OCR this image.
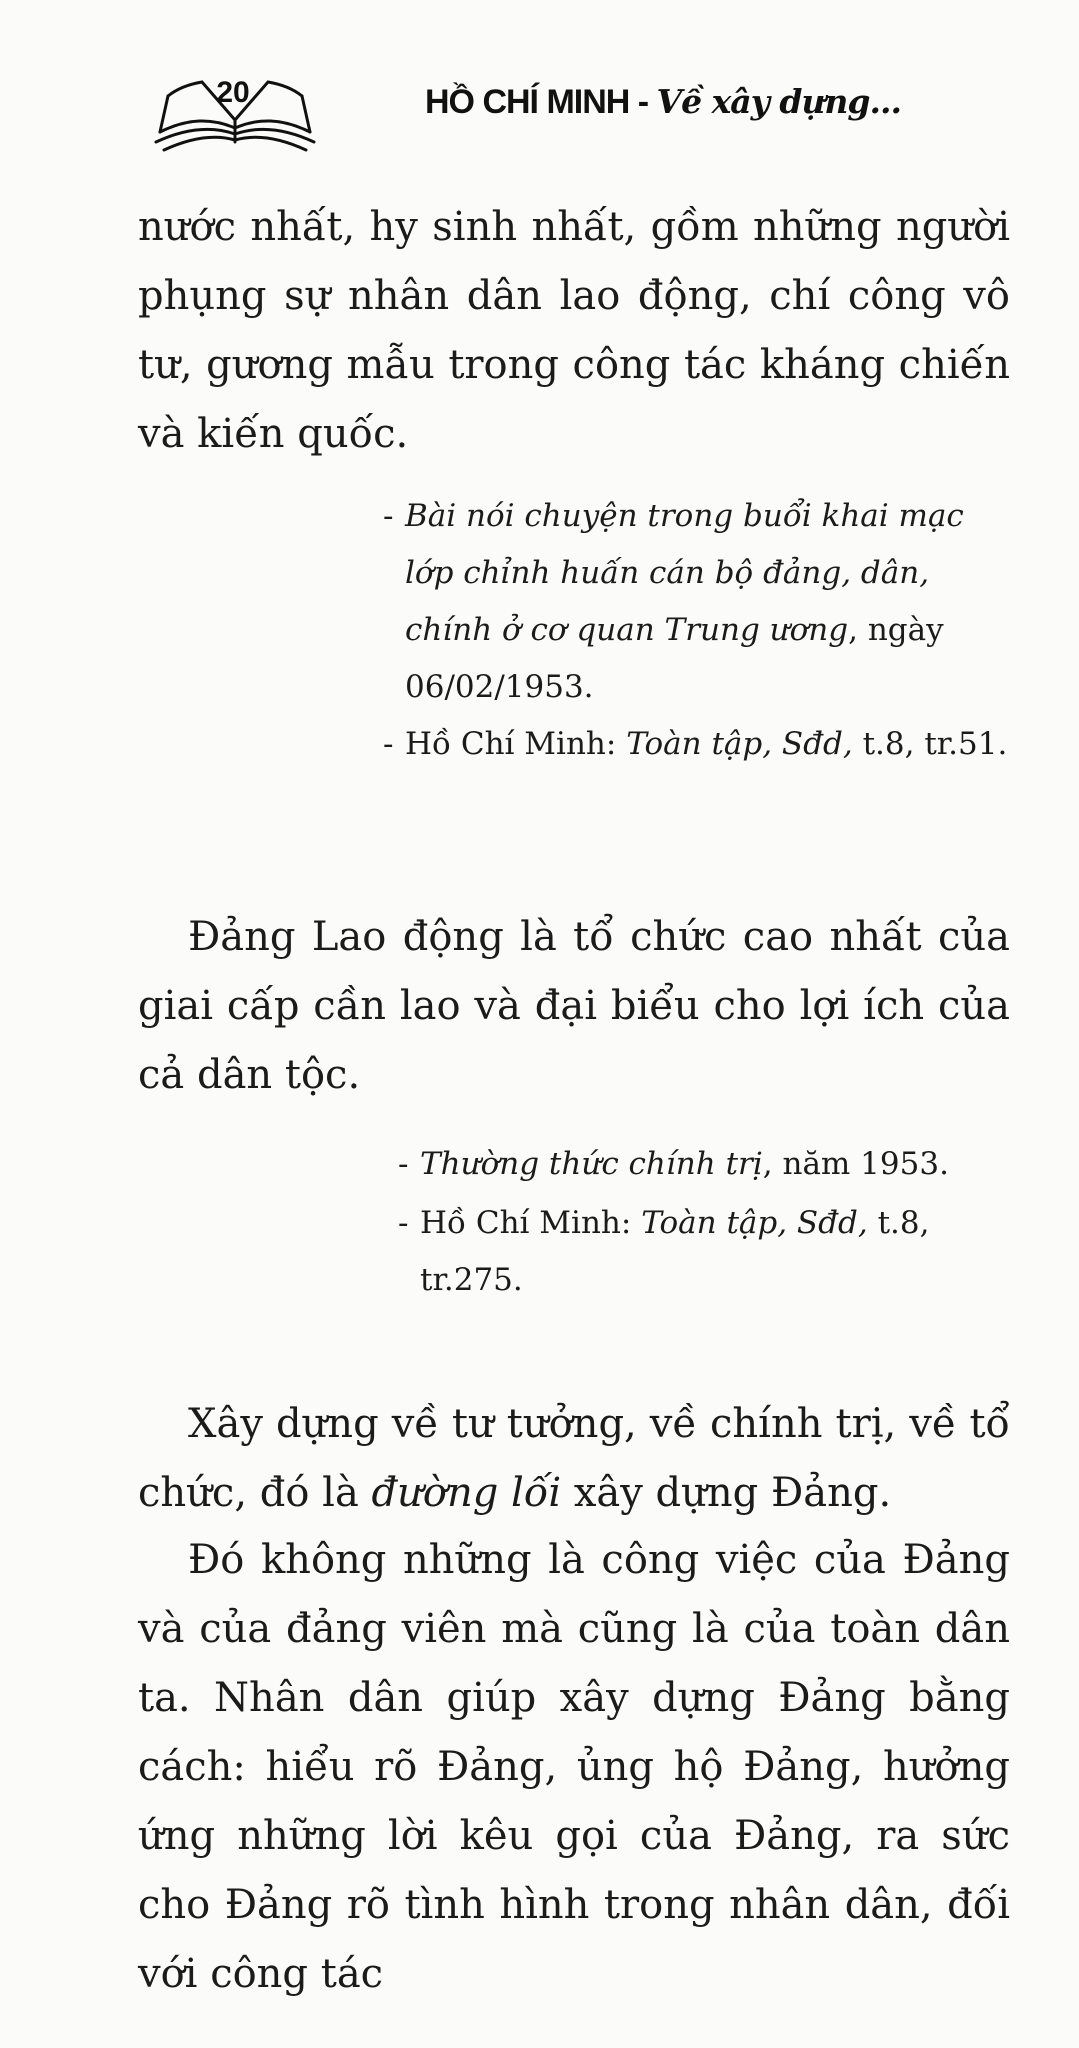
20	HỒ CHÍ MINH - Về xây dựng...

nước nhất, hy sinh nhất, gồm những người phụng sự nhân dân lao động, chí công vô tư, gương mẫu trong công tác kháng chiến và kiến quốc.

- Bài nói chuyện trong buổi khai mạc lớp chỉnh huấn cán bộ đảng, dân, chính ở cơ quan Trung ương, ngày 06/02/1953.

- Hồ Chí Minh: Toàn tập, Sđd, t.8, tr.51.

Đảng Lao động là tổ chức cao nhất của giai cấp cần lao và đại biểu cho lợi ích của cả dân tộc.

- Thường thức chính trị, năm 1953.

- Hồ Chí Minh: Toàn tập, Sđd, t.8, tr.275.

Xây dựng về tư tưởng, về chính trị, về tổ chức, đó là đường lối xây dựng Đảng.

Đó không những là công việc của Đảng và của đảng viên mà cũng là của toàn dân ta. Nhân dân giúp xây dựng Đảng bằng cách: hiểu rõ Đảng, ủng hộ Đảng, hưởng ứng những lời kêu gọi của Đảng, ra sức cho Đảng rõ tình hình trong nhân dân, đối với công tác
